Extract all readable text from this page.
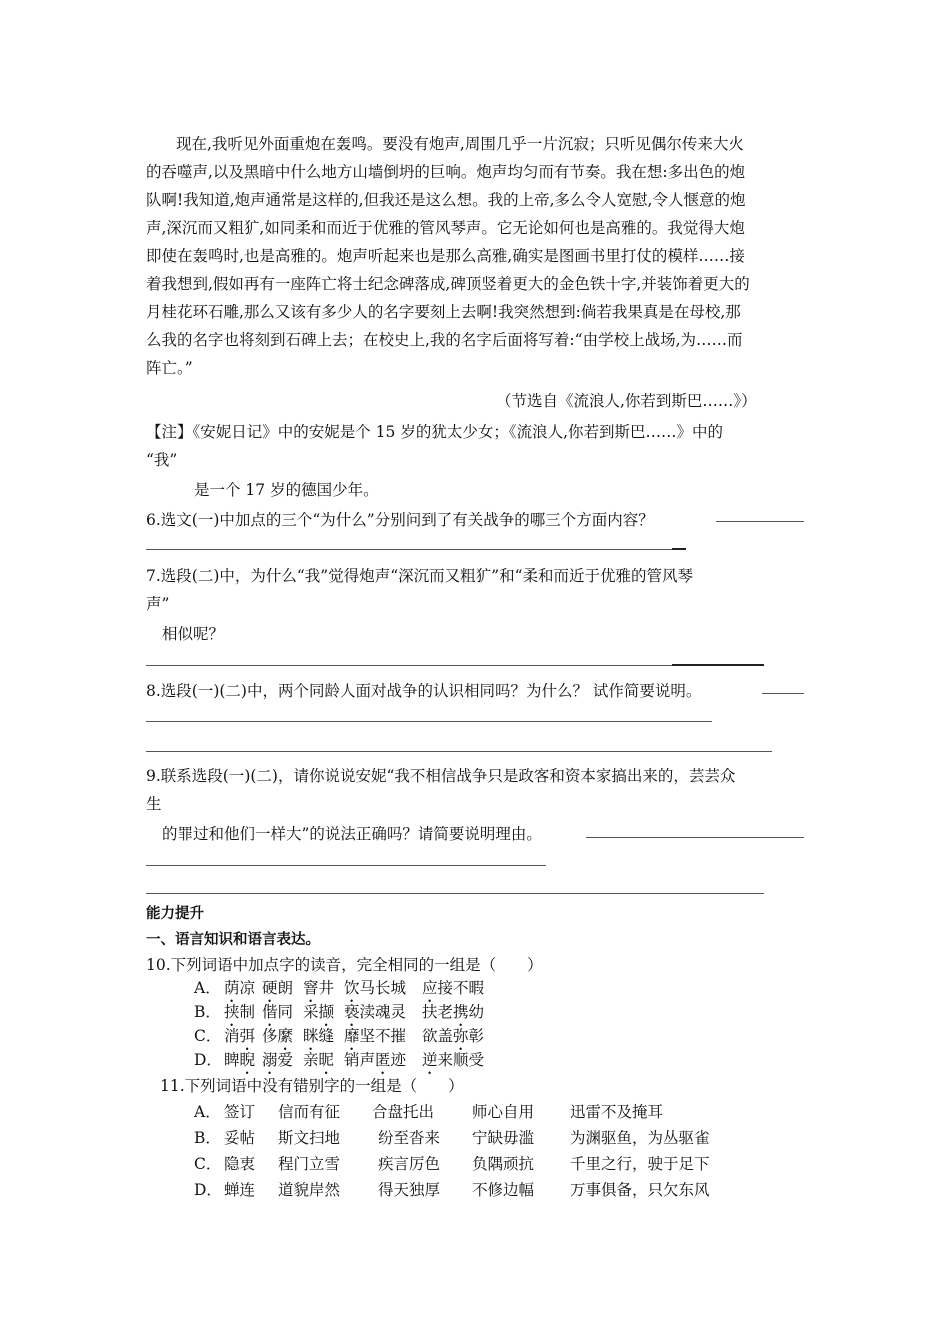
现在,我听见外面重炮在轰鸣。要没有炮声,周围几乎一片沉寂；只听见偶尔传来大火
的吞噬声,以及黑暗中什么地方山墙倒坍的巨响。炮声均匀而有节奏。我在想:多出色的炮
队啊!我知道,炮声通常是这样的,但我还是这么想。我的上帝,多么令人宽慰,令人惬意的炮
声,深沉而又粗犷,如同柔和而近于优雅的管风琴声。它无论如何也是高雅的。我觉得大炮
即使在轰鸣时,也是高雅的。炮声听起来也是那么高雅,确实是图画书里打仗的模样……接
着我想到,假如再有一座阵亡将士纪念碑落成,碑顶竖着更大的金色铁十字,并装饰着更大的
月桂花环石雕,那么又该有多少人的名字要刻上去啊!我突然想到:倘若我果真是在母校,那
么我的名字也将刻到石碑上去；在校史上,我的名字后面将写着:“由学校上战场,为……而
阵亡。”
（节选自《流浪人,你若到斯巴……》）
【注】《安妮日记》中的安妮是个 15 岁的犹太少女；《流浪人,你若到斯巴……》中的
“我”
是一个 17 岁的德国少年。
6.选文(一)中加点的三个“为什么”分别问到了有关战争的哪三个方面内容？
7.选段(二)中，为什么“我”觉得炮声“深沉而又粗犷”和“柔和而近于优雅的管风琴
声”
相似呢？
8.选段(一)(二)中，两个同龄人面对战争的认识相同吗？为什么？ 试作简要说明。
9.联系选段(一)(二)，请你说说安妮“我不相信战争只是政客和资本家搞出来的，芸芸众
生
的罪过和他们一样大”的说法正确吗？请简要说明理由。
能力提升
一、语言知识和语言表达。
10.下列词语中加点字的读音，完全相同的一组是（　　）
A． 荫凉 硬朗 窨井 饮马长城 应接不暇
B． 挟制 偕同 采撷 亵渎魂灵 扶老携幼
C． 消弭 侈縻 眯缝 靡坚不摧 欲盖弥彰
D． 睥睨 溺爱 亲昵 销声匿迹 逆来顺受
11.下列词语中没有错别字的一组是（　　）
A． 签订 信而有征 合盘托出 师心自用 迅雷不及掩耳
B． 妥帖 斯文扫地 纷至沓来 宁缺毋滥 为渊驱鱼，为丛驱雀
C． 隐衷 程门立雪 疾言厉色 负隅顽抗 千里之行，驶于足下
D． 蝉连 道貌岸然 得天独厚 不修边幅 万事俱备，只欠东风
